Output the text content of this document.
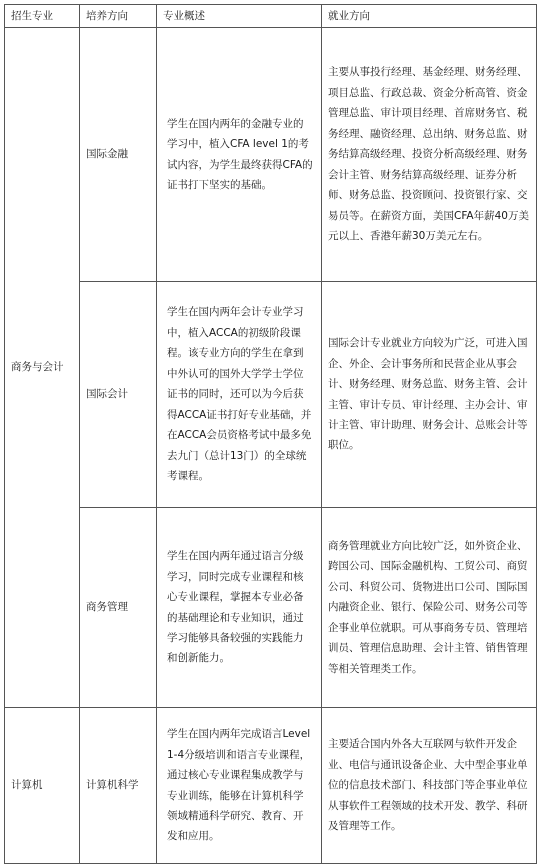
招生专业	培养方向	专业概述	就业方向
商务与会计	国际金融	学生在国内两年的金融专业的学习中，植入CFA level 1的考试内容，为学生最终获得CFA的证书打下坚实的基础。	主要从事投行经理、基金经理、财务经理、项目总监、行政总裁、资金分析高管、资金管理总监、审计项目经理、首席财务官、税务经理、融资经理、总出纳、财务总监、财务结算高级经理、投资分析高级经理、财务会计主管、财务结算高级经理、证券分析师、财务总监、投资顾问、投资银行家、交易员等。在薪资方面，美国CFA年薪40万美元以上、香港年薪30万美元左右。
	国际会计	学生在国内两年会计专业学习中，植入ACCA的初级阶段课程。该专业方向的学生在拿到中外认可的国外大学学士学位证书的同时，还可以为今后获得ACCA证书打好专业基础，并在ACCA会员资格考试中最多免去九门（总计13门）的全球统考课程。	国际会计专业就业方向较为广泛，可进入国企、外企、会计事务所和民营企业从事会计、财务经理、财务总监、财务主管、会计主管、审计专员、审计经理、主办会计、审计主管、审计助理、财务会计、总账会计等职位。
	商务管理	学生在国内两年通过语言分级学习，同时完成专业课程和核心专业课程，掌握本专业必备的基础理论和专业知识，通过学习能够具备较强的实践能力和创新能力。	商务管理就业方向比较广泛，如外资企业、跨国公司、国际金融机构、工贸公司、商贸公司、科贸公司、货物进出口公司、国际国内融资企业、银行、保险公司、财务公司等企事业单位就职。可从事商务专员、管理培训员、管理信息助理、会计主管、销售管理等相关管理类工作。
计算机	计算机科学	学生在国内两年完成语言Level 1-4分级培训和语言专业课程，通过核心专业课程集成教学与专业训练，能够在计算机科学领域精通科学研究、教育、开发和应用。	主要适合国内外各大互联网与软件开发企业、电信与通讯设备企业、大中型企事业单位的信息技术部门、科技部门等企事业单位从事软件工程领域的技术开发、教学、科研及管理等工作。
